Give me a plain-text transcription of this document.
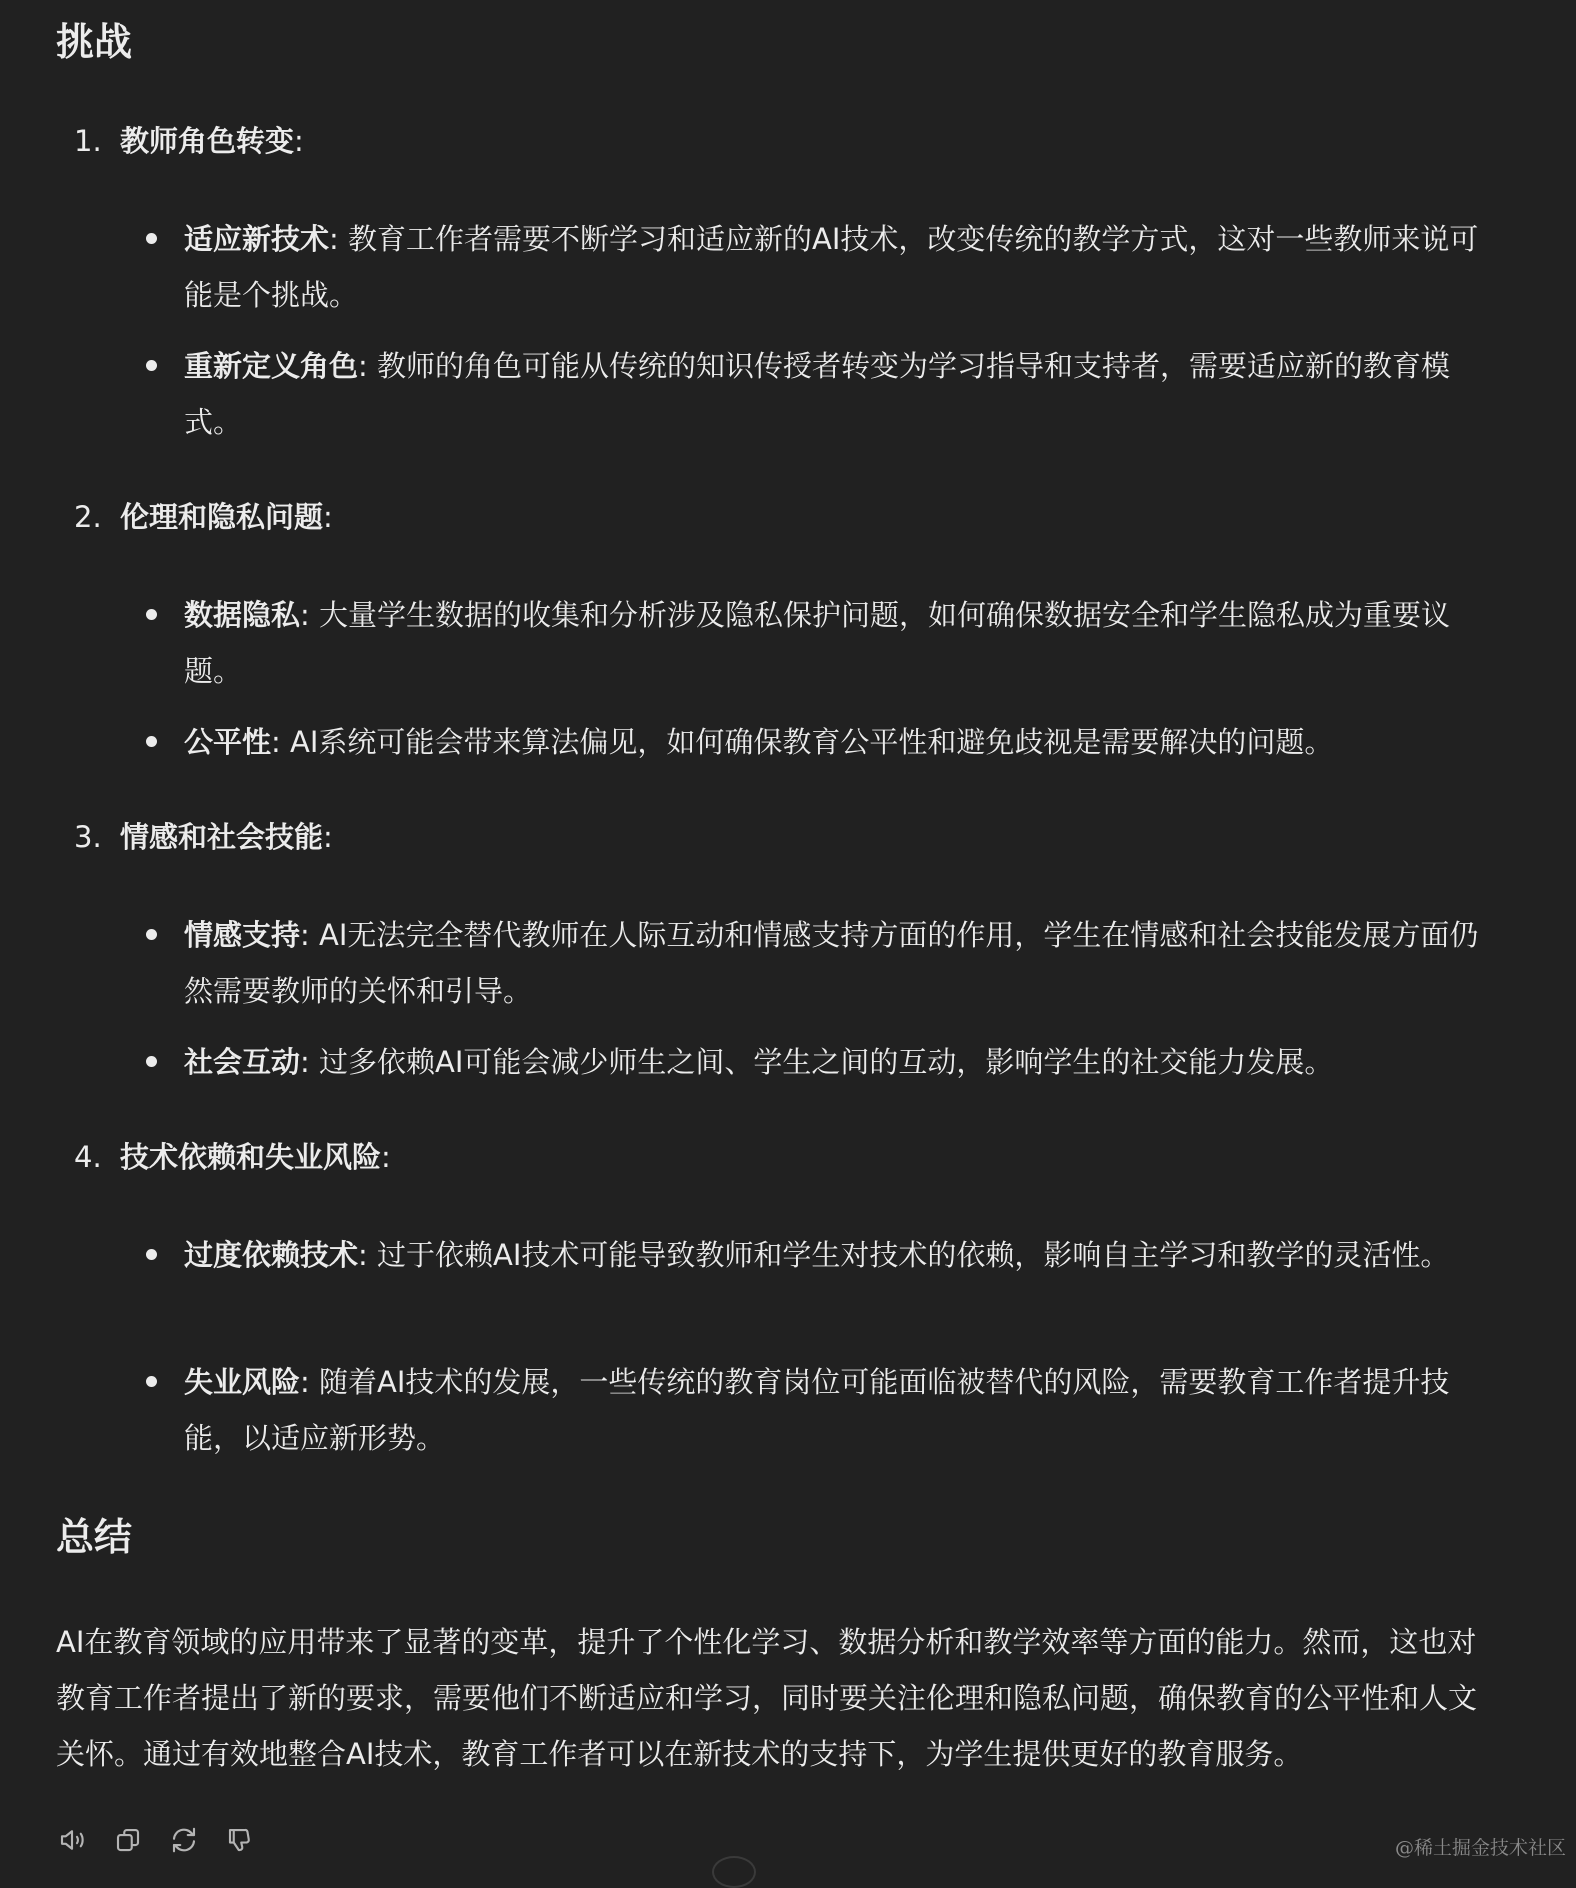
挑战
1. 教师角色转变:
适应新技术: 教育工作者需要不断学习和适应新的AI技术，改变传统的教学方式，这对一些教师来说可能是个挑战。
重新定义角色: 教师的角色可能从传统的知识传授者转变为学习指导和支持者，需要适应新的教育模式。
2. 伦理和隐私问题:
数据隐私: 大量学生数据的收集和分析涉及隐私保护问题，如何确保数据安全和学生隐私成为重要议题。
公平性: AI系统可能会带来算法偏见，如何确保教育公平性和避免歧视是需要解决的问题。
3. 情感和社会技能:
情感支持: AI无法完全替代教师在人际互动和情感支持方面的作用，学生在情感和社会技能发展方面仍然需要教师的关怀和引导。
社会互动: 过多依赖AI可能会减少师生之间、学生之间的互动，影响学生的社交能力发展。
4. 技术依赖和失业风险:
过度依赖技术: 过于依赖AI技术可能导致教师和学生对技术的依赖，影响自主学习和教学的灵活性。
失业风险: 随着AI技术的发展，一些传统的教育岗位可能面临被替代的风险，需要教育工作者提升技能，以适应新形势。
总结

AI在教育领域的应用带来了显著的变革，提升了个性化学习、数据分析和教学效率等方面的能力。然而，这也对教育工作者提出了新的要求，需要他们不断适应和学习，同时要关注伦理和隐私问题，确保教育的公平性和人文关怀。通过有效地整合AI技术，教育工作者可以在新技术的支持下，为学生提供更好的教育服务。

@稀土掘金技术社区
